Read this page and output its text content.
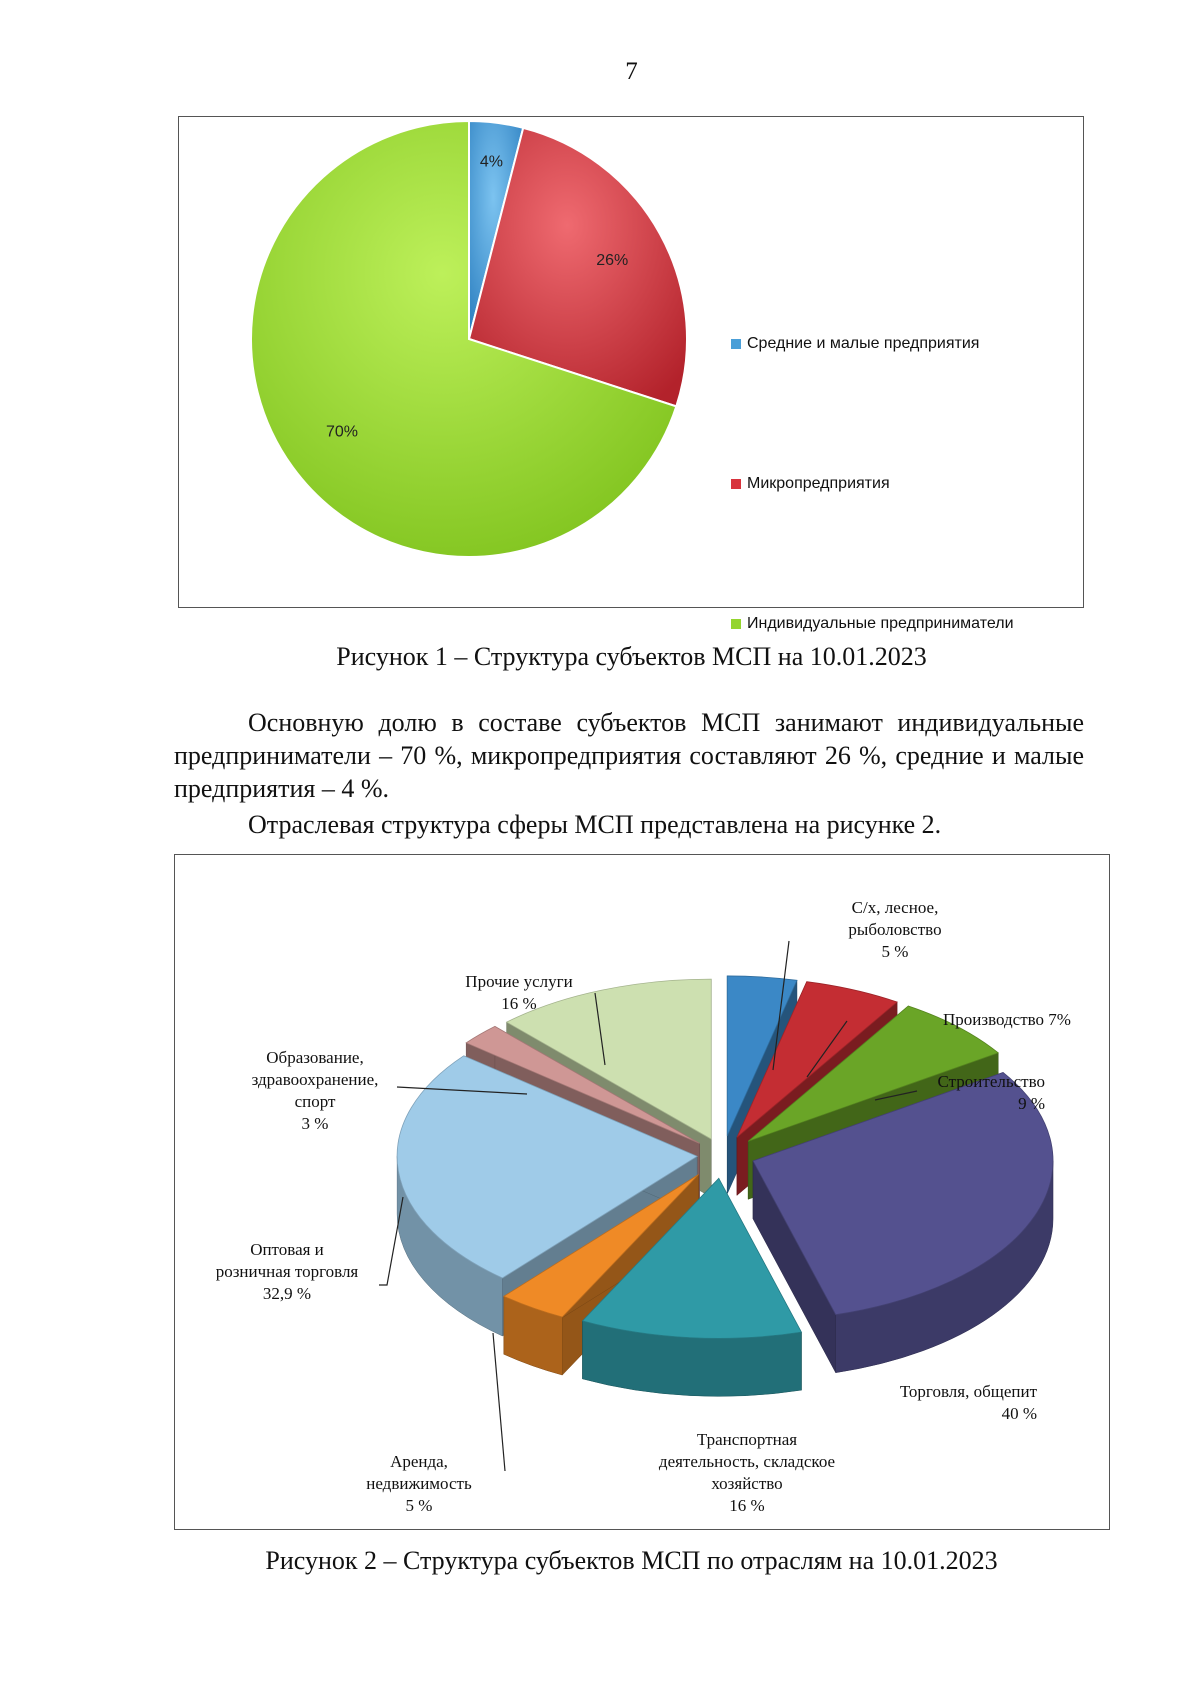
7
4%
26%
70%
Средние и малые предприятия
Микропредприятия
Индивидуальные предприниматели
Рисунок 1 – Структура субъектов МСП на 10.01.2023
Основную долю в составе субъектов МСП занимают индивидуальные предприниматели – 70 %, микропредприятия составляют 26 %, средние и малые предприятия – 4 %.
Отраслевая структура сферы МСП представлена на рисунке 2.
С/х, лесное, рыболовство 5 %
Производство 7%
Строительство 9 %
Торговля, общепит 40 %
Транспортная деятельность, складское хозяйство 16 %
Аренда, недвижимость 5 %
Оптовая и розничная торговля 32,9 %
Образование, здравоохранение, спорт 3 %
Прочие услуги 16 %
Рисунок 2 – Структура субъектов МСП по отраслям на 10.01.2023
